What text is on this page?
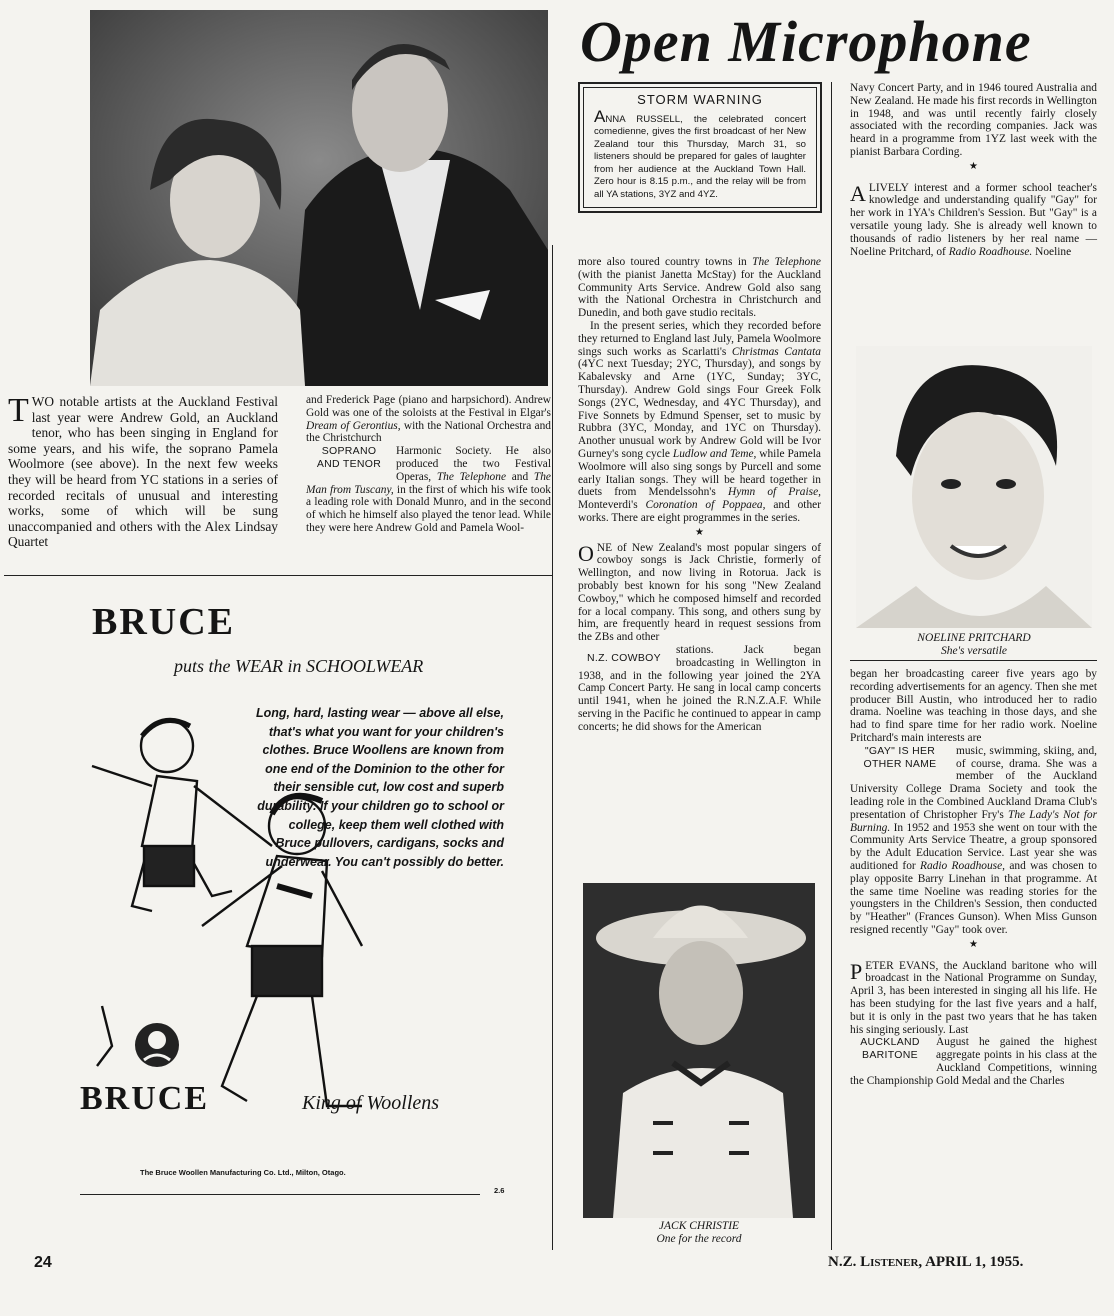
TWO notable artists at the Auckland Festival last year were Andrew Gold, an Auckland tenor, who has been singing in England for some years, and his wife, the soprano Pamela Woolmore (see above). In the next few weeks they will be heard from YC stations in a series of recorded recitals of unusual and interesting works, some of which will be sung unaccompanied and others with the Alex Lindsay Quartet

and Frederick Page (piano and harpsichord). Andrew Gold was one of the soloists at the Festival in Elgar's Dream of Gerontius, with the National Orchestra and the Christchurch

SOPRANO
AND TENOR

Harmonic Society. He also produced the two Festival Operas, The Telephone and The Man from Tuscany, in the first of which his wife took a leading role with Donald Munro, and in the second of which he himself also played the tenor lead. While they were here Andrew Gold and Pamela Wool-

BRUCE
puts the WEAR in SCHOOLWEAR
Long, hard, lasting wear — above all else, that's what you want for your children's clothes. Bruce Woollens are known from one end of the Dominion to the other for their sensible cut, low cost and superb durability. If your children go to school or college, keep them well clothed with Bruce pullovers, cardigans, socks and underwear. You can't possibly do better.
BRUCE	King of Woollens
The Bruce Woollen Manufacturing Co. Ltd., Milton, Otago.
2.6
Open Microphone
STORM WARNING

ANNA RUSSELL, the celebrated concert comedienne, gives the first broadcast of her New Zealand tour this Thursday, March 31, so listeners should be prepared for gales of laughter from her audience at the Auckland Town Hall. Zero hour is 8.15 p.m., and the relay will be from all YA stations, 3YZ and 4YZ.

more also toured country towns in The Telephone (with the pianist Janetta McStay) for the Auckland Community Arts Service. Andrew Gold also sang with the National Orchestra in Christchurch and Dunedin, and both gave studio recitals.

In the present series, which they recorded before they returned to England last July, Pamela Woolmore sings such works as Scarlatti's Christmas Cantata (4YC next Tuesday; 2YC, Thursday), and songs by Kabalevsky and Arne (1YC, Sunday; 3YC, Thursday). Andrew Gold sings Four Greek Folk Songs (2YC, Wednesday, and 4YC Thursday), and Five Sonnets by Edmund Spenser, set to music by Rubbra (3YC, Monday, and 1YC on Thursday). Another unusual work by Andrew Gold will be Ivor Gurney's song cycle Ludlow and Teme, while Pamela Woolmore will also sing songs by Purcell and some early Italian songs. They will be heard together in duets from Mendelssohn's Hymn of Praise, Monteverdi's Coronation of Poppaea, and other works. There are eight programmes in the series.

★

ONE of New Zealand's most popular singers of cowboy songs is Jack Christie, formerly of Wellington, and now living in Rotorua. Jack is probably best known for his song "New Zealand Cowboy," which he composed himself and recorded for a local company. This song, and others sung by him, are frequently heard in request sessions from the ZBs and other

N.Z. COWBOY

stations. Jack began broadcasting in Wellington in 1938, and in the following year joined the 2YA Camp Concert Party. He sang in local camp concerts until 1941, when he joined the R.N.Z.A.F. While serving in the Pacific he continued to appear in camp concerts; he did shows for the American

JACK CHRISTIE
One for the record

Navy Concert Party, and in 1946 toured Australia and New Zealand. He made his first records in Wellington in 1948, and was until recently fairly closely associated with the recording companies. Jack was heard in a programme from 1YZ last week with the pianist Barbara Cording.

★

ALIVELY interest and a former school teacher's knowledge and understanding qualify "Gay" for her work in 1YA's Children's Session. But "Gay" is a versatile young lady. She is already well known to thousands of radio listeners by her real name — Noeline Pritchard, of Radio Roadhouse. Noeline

NOELINE PRITCHARD
She's versatile

began her broadcasting career five years ago by recording advertisements for an agency. Then she met producer Bill Austin, who introduced her to radio drama. Noeline was teaching in those days, and she had to find spare time for her radio work. Noeline Pritchard's main interests are

"GAY" IS HER
OTHER NAME

music, swimming, skiing, and, of course, drama. She was a member of the Auckland University College Drama Society and took the leading role in the Combined Auckland Drama Club's presentation of Christopher Fry's The Lady's Not for Burning. In 1952 and 1953 she went on tour with the Community Arts Service Theatre, a group sponsored by the Adult Education Service. Last year she was auditioned for Radio Roadhouse, and was chosen to play opposite Barry Linehan in that programme. At the same time Noeline was reading stories for the youngsters in the Children's Session, then conducted by "Heather" (Frances Gunson). When Miss Gunson resigned recently "Gay" took over.

★

PETER EVANS, the Auckland baritone who will broadcast in the National Programme on Sunday, April 3, has been interested in singing all his life. He has been studying for the last five years and a half, but it is only in the past two years that he has taken his singing seriously. Last

AUCKLAND
BARITONE

August he gained the highest aggregate points in his class at the Auckland Competitions, winning the Championship Gold Medal and the Charles

24	N.Z. LISTENER, APRIL 1, 1955.
